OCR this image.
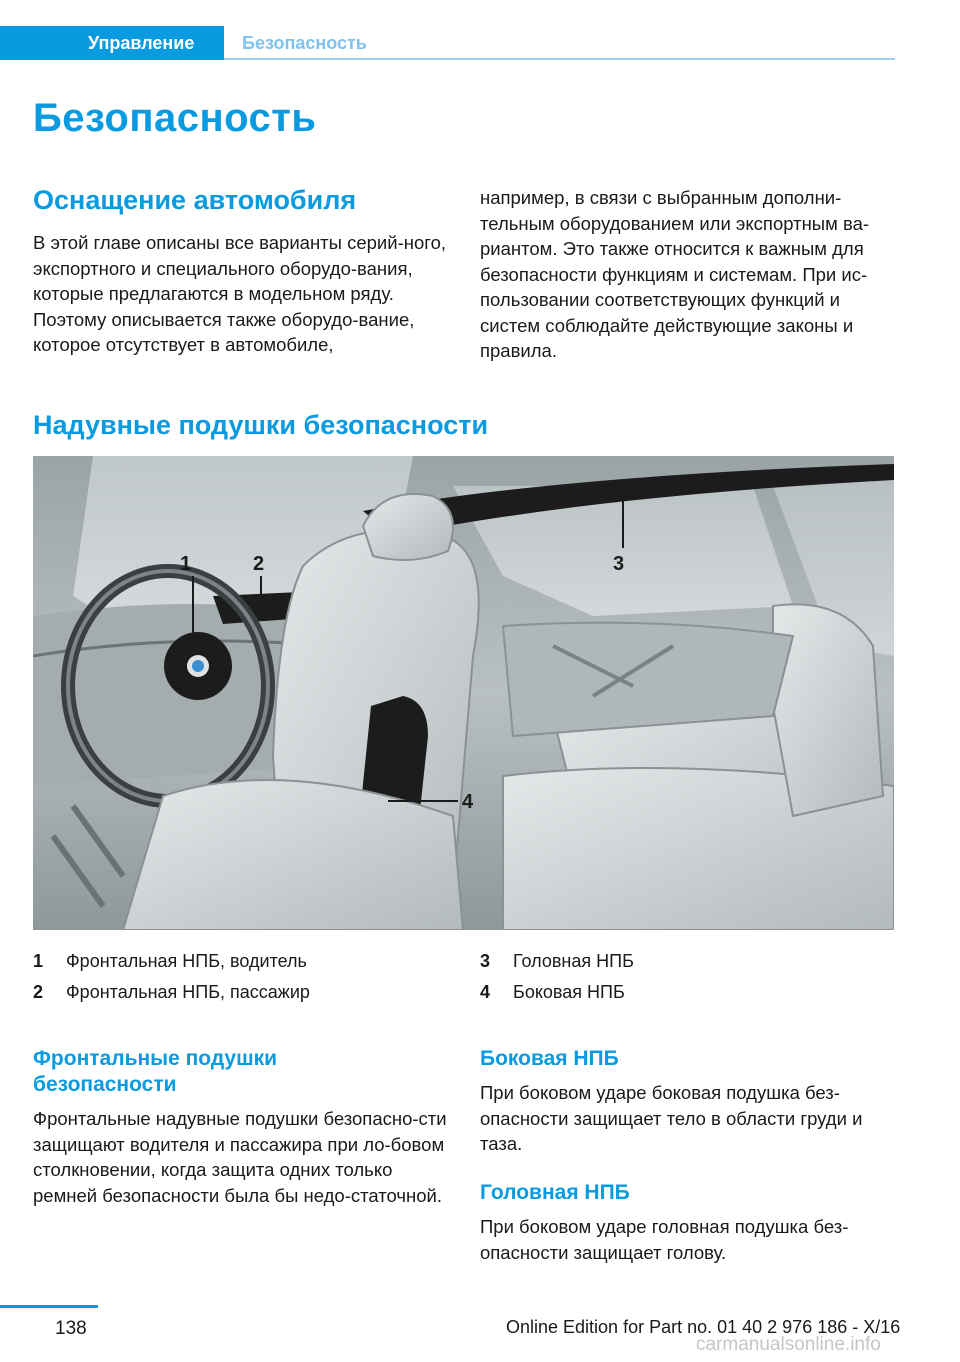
Управление	Безопасность
Безопасность
Оснащение автомобиля

В этой главе описаны все варианты серий-ного, экспортного и специального оборудо-вания, которые предлагаются в модельном ряду. Поэтому описывается также оборудо-вание, которое отсутствует в автомобиле,

например, в связи с выбранным дополни-тельным оборудованием или экспортным ва-риантом. Это также относится к важным для безопасности функциям и системам. При ис-пользовании соответствующих функций и систем соблюдайте действующие законы и правила.

Надувные подушки безопасности
1	2	3
4
1	Фронтальная НПБ, водитель
2	Фронтальная НПБ, пассажир
3	Головная НПБ
4	Боковая НПБ
Фронтальные подушки
безопасности

Фронтальные надувные подушки безопасно-сти защищают водителя и пассажира при ло-бовом столкновении, когда защита одних только ремней безопасности была бы недо-статочной.

Боковая НПБ

При боковом ударе боковая подушка без-опасности защищает тело в области груди и таза.

Головная НПБ

При боковом ударе головная подушка без-опасности защищает голову.

138	Online Edition for Part no. 01 40 2 976 186 - X/16
carmanualsonline.info
